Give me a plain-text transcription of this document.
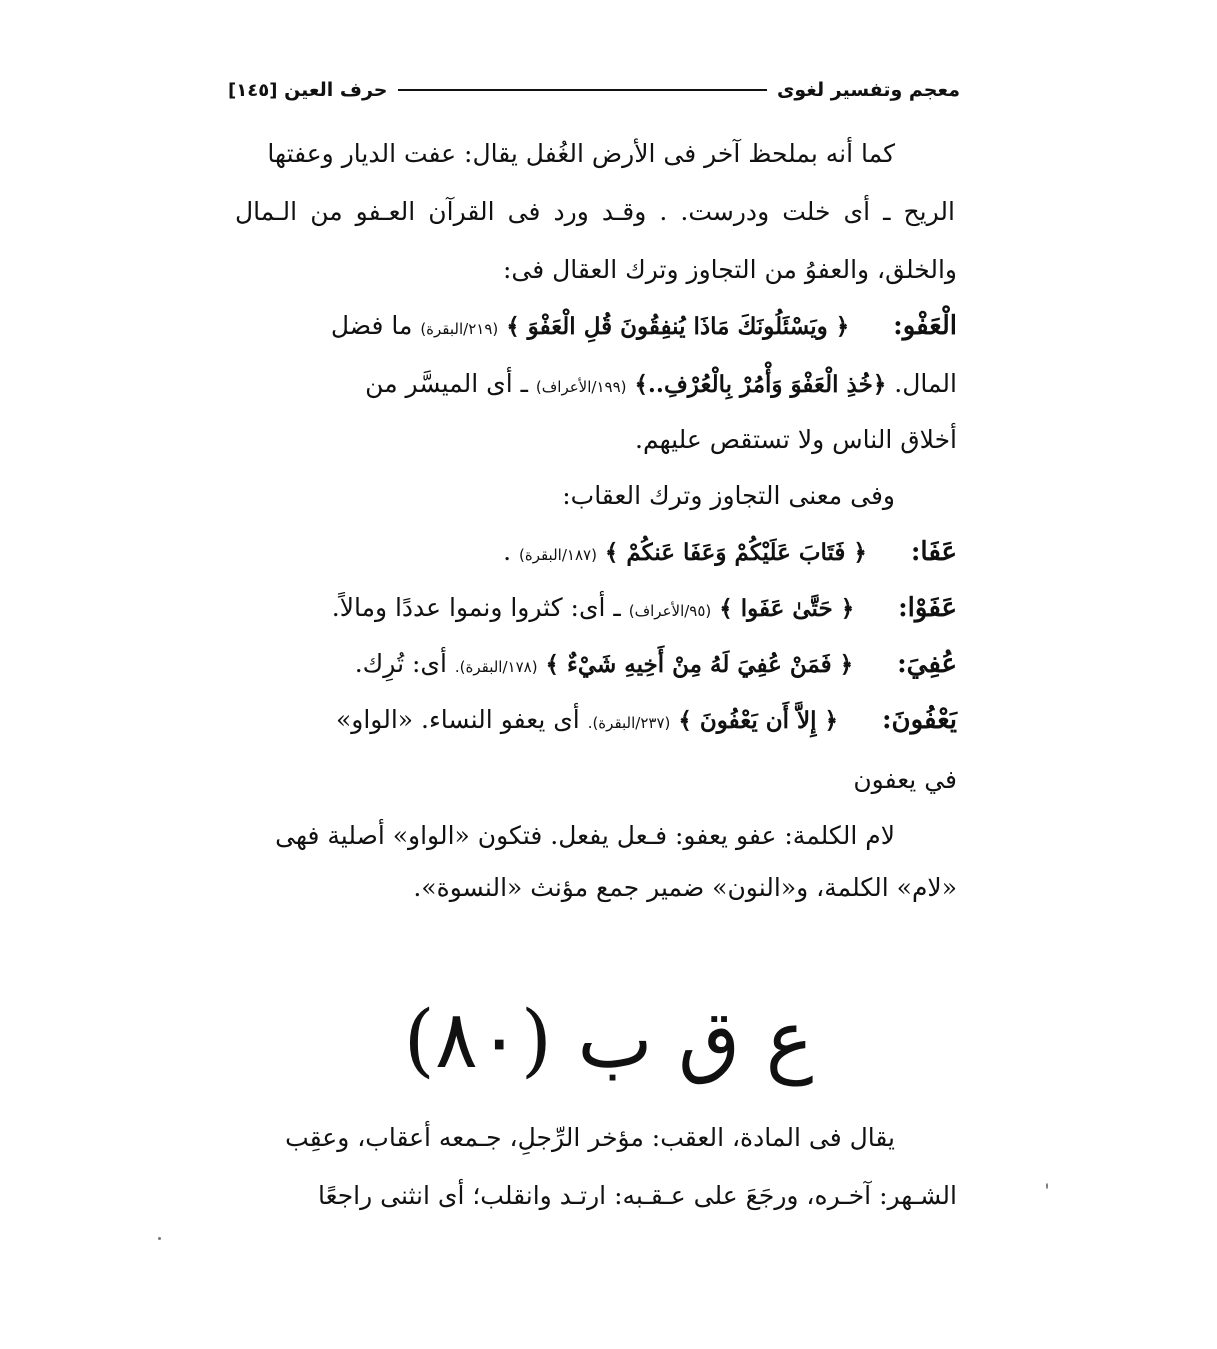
معجم وتفسير لغوى
حرف العين

[١٤٥]
كما أنه بملحظ آخر فى الأرض الغُفل يقال: عفت الديار وعفتها
الريح ـ أى خلت ودرست. . وقـد ورد فى القرآن العـفو من الـمال
والخلق، والعفوُ من التجاوز وترك العقال فى:
الْعَفْو:  ﴿ ويَسْئَلُونَكَ مَاذَا يُنفِقُونَ قُلِ الْعَفْوَ ﴾ (٢١٩/البقرة) ما فضل
المال. ﴿خُذِ الْعَفْوَ وَأْمُرْ بِالْعُرْفِ..﴾ (١٩٩/الأعراف) ـ أى الميسَّر من
أخلاق الناس ولا تستقص عليهم.
وفى معنى التجاوز وترك العقاب:
عَفَا:  ﴿ فَتَابَ عَلَيْكُمْ وَعَفَا عَنكُمْ ﴾ (١٨٧/البقرة) .
عَفَوْا:  ﴿ حَتَّىٰ عَفَوا ﴾ (٩٥/الأعراف) ـ أى: كثروا ونموا عددًا ومالاً.
عُفِيَ:  ﴿ فَمَنْ عُفِيَ لَهُ مِنْ أَخِيهِ شَيْءٌ ﴾ (١٧٨/البقرة). أى: تُرِك.
يَعْفُونَ:  ﴿ إِلاَّ أَن يَعْفُونَ ﴾ (٢٣٧/البقرة). أى يعفو النساء. «الواو»
في يعفون
لام الكلمة: عفو يعفو: فـعل يفعل. فتكون «الواو» أصلية فهى
«لام» الكلمة، و«النون» ضمير جمع مؤنث «النسوة».
ع ق ب (٨٠)
يقال فى المادة، العقب: مؤخر الرِّجلِ، جـمعه أعقاب، وعقِب
الشـهر: آخـره، ورجَعَ على عـقـبه: ارتـد وانقلب؛ أى انثنى راجعًا
